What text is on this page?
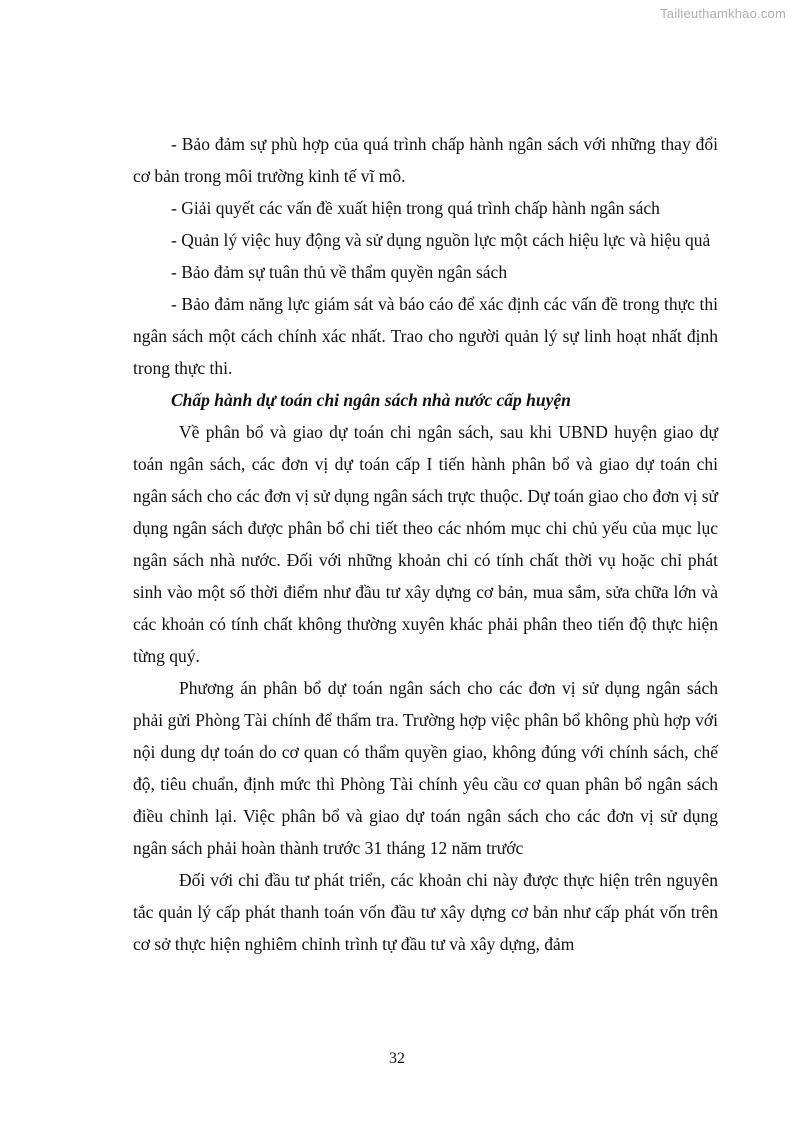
Tailieuthamkhao.com

- Bảo đảm sự phù hợp của quá trình chấp hành ngân sách với những thay đổi cơ bản trong môi trường kinh tế vĩ mô.

- Giải quyết các vấn đề xuất hiện trong quá trình chấp hành ngân sách

- Quản lý việc huy động và sử dụng nguồn lực một cách hiệu lực và hiệu quả

- Bảo đảm sự tuân thủ về thẩm quyền ngân sách

- Bảo đảm năng lực giám sát và báo cáo để xác định các vấn đề trong thực thi ngân sách một cách chính xác nhất. Trao cho người quản lý sự linh hoạt nhất định trong thực thi.

Chấp hành dự toán chi ngân sách nhà nước cấp huyện

Về phân bổ và giao dự toán chi ngân sách, sau khi UBND huyện giao dự toán ngân sách, các đơn vị dự toán cấp I tiến hành phân bổ và giao dự toán chi ngân sách cho các đơn vị sử dụng ngân sách trực thuộc. Dự toán giao cho đơn vị sử dụng ngân sách được phân bổ chi tiết theo các nhóm mục chi chủ yếu của mục lục ngân sách nhà nước. Đối với những khoản chi có tính chất thời vụ hoặc chỉ phát sinh vào một số thời điểm như đầu tư xây dựng cơ bản, mua sắm, sửa chữa lớn và các khoản có tính chất không thường xuyên khác phải phân theo tiến độ thực hiện từng quý.

Phương án phân bổ dự toán ngân sách cho các đơn vị sử dụng ngân sách phải gửi Phòng Tài chính để thẩm tra. Trường hợp việc phân bổ không phù hợp với nội dung dự toán do cơ quan có thẩm quyền giao, không đúng với chính sách, chế độ, tiêu chuẩn, định mức thì Phòng Tài chính yêu cầu cơ quan phân bổ ngân sách điều chỉnh lại. Việc phân bổ và giao dự toán ngân sách cho các đơn vị sử dụng ngân sách phải hoàn thành trước 31 tháng 12 năm trước

Đối với chi đầu tư phát triển, các khoản chi này được thực hiện trên nguyên tắc quản lý cấp phát thanh toán vốn đầu tư xây dựng cơ bản như cấp phát vốn trên cơ sở thực hiện nghiêm chỉnh trình tự đầu tư và xây dựng, đảm

32
